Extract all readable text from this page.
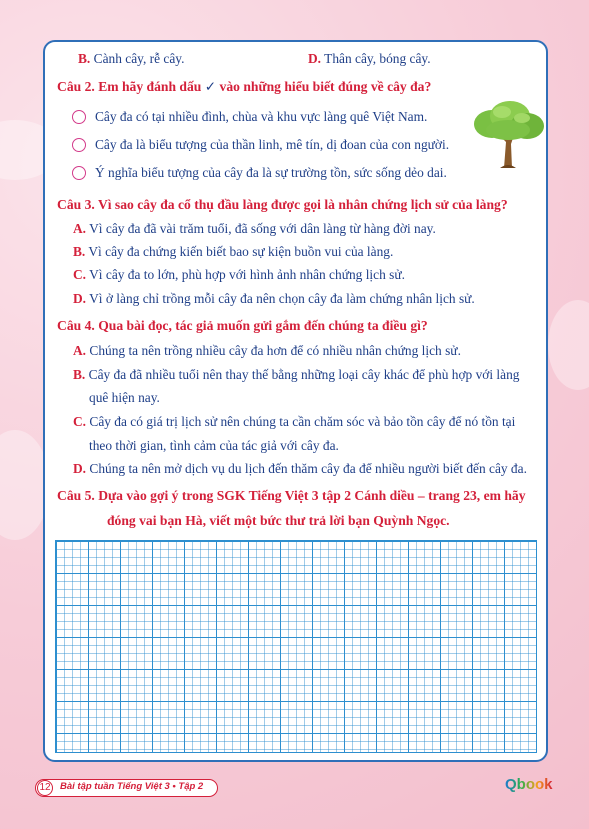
B. Cành cây, rễ cây.	D. Thân cây, bóng cây.
Câu 2. Em hãy đánh dấu ✓ vào những hiểu biết đúng về cây đa?
Cây đa có tại nhiều đình, chùa và khu vực làng quê Việt Nam.
Cây đa là biểu tượng của thần linh, mê tín, dị đoan của con người.
Ý nghĩa biểu tượng của cây đa là sự trường tồn, sức sống dẻo dai.
Câu 3. Vì sao cây đa cổ thụ đầu làng được gọi là nhân chứng lịch sử của làng?
A. Vì cây đa đã vài trăm tuổi, đã sống với dân làng từ hàng đời nay.
B. Vì cây đa chứng kiến biết bao sự kiện buồn vui của làng.
C. Vì cây đa to lớn, phù hợp với hình ảnh nhân chứng lịch sử.
D. Vì ở làng chỉ trồng mỗi cây đa nên chọn cây đa làm chứng nhân lịch sử.
Câu 4. Qua bài đọc, tác giả muốn gửi gắm đến chúng ta điều gì?
A. Chúng ta nên trồng nhiều cây đa hơn để có nhiều nhân chứng lịch sử.
B. Cây đa đã nhiều tuổi nên thay thế bằng những loại cây khác để phù hợp với làng
quê hiện nay.
C. Cây đa có giá trị lịch sử nên chúng ta cần chăm sóc và bảo tồn cây để nó tồn tại
theo thời gian, tình cảm của tác giả với cây đa.
D. Chúng ta nên mở dịch vụ du lịch đến thăm cây đa để nhiều người biết đến cây đa.
Câu 5. Dựa vào gợi ý trong SGK Tiếng Việt 3 tập 2 Cánh diều – trang 23, em hãy
đóng vai bạn Hà, viết một bức thư trả lời bạn Quỳnh Ngọc.
12 Bài tập tuần Tiếng Việt 3 • Tập 2	Qbook
